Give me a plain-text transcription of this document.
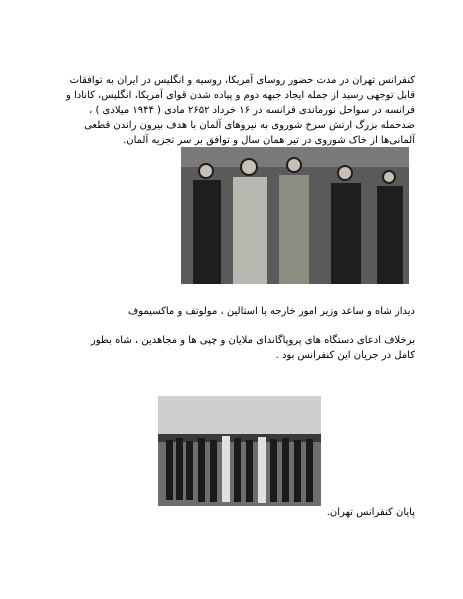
کنفرانس تهران در مدت حضور روسای آمریکا، روسیه و انگلیس در ایران به توافقات قابل توجهی رسید از جمله ایجاد جبهه دوم و پیاده شدن قوای آمریکا، انگلیس، کانادا و فرانسه در سواحل نورماندی فرانسه در ۱۶ خرداد ۲۶۵۲ مادی ( ۱۹۴۴ میلادی ) ، ضدحمله بزرگ ارتش سرخ شوروی به نیروهای آلمان با هدف بیرون راندن قطعی آلمانی‌ها از خاک شوروی در تیر همان سال و توافق بر سر تجزیه آلمان.

دیدار شاه و ساعد وزیر امور خارجه با استالین ، مولوتف و ماکسیموف

برخلاف ادعای دستگاه های پروپاگاندای ملایان و چپی ها و مجاهدین ، شاه بطور کامل در جریان این کنفرانس بود .

پایان کنفرانس تهران.
